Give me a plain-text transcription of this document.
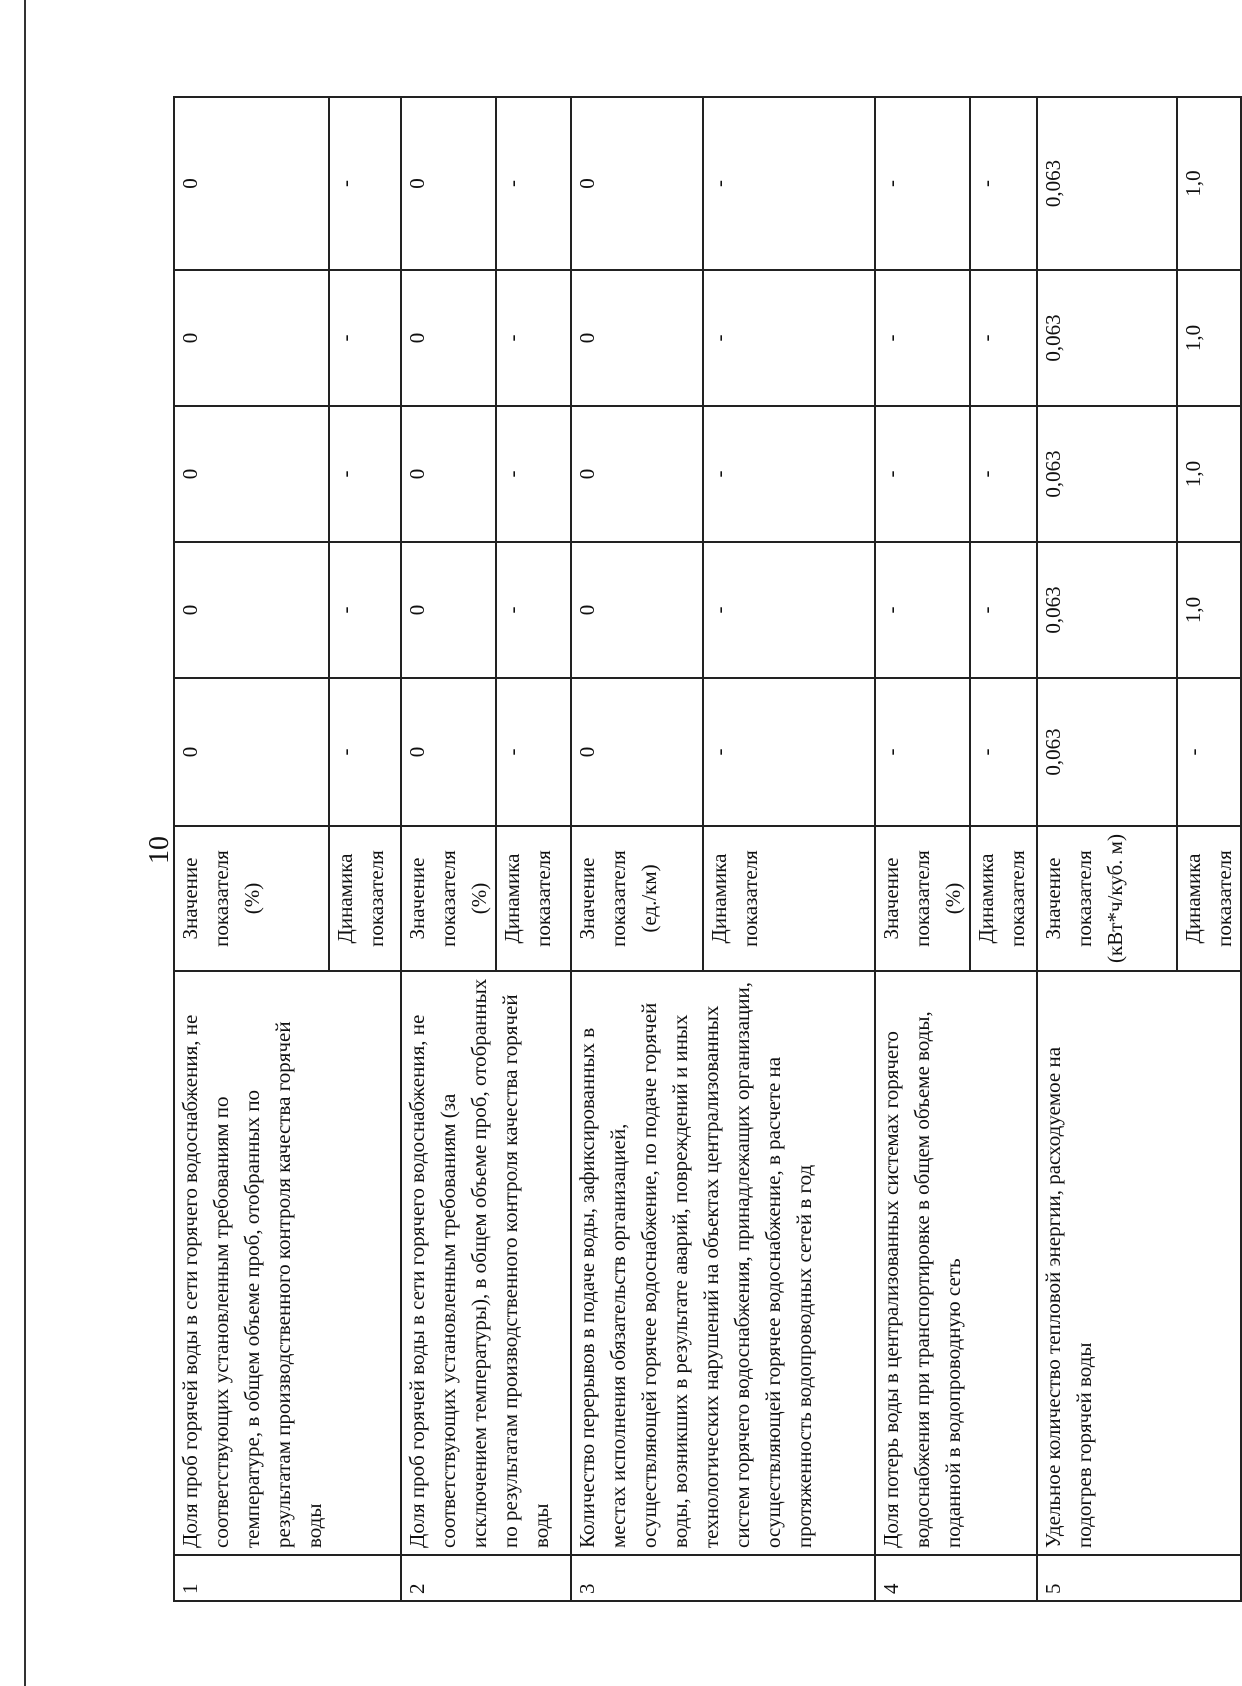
10
1	Доля проб горячей воды в сети горячего водоснабжения, не соответствующих установленным требованиям по температуре, в общем объеме проб, отобранных по результатам производственного контроля качества горячей воды	Значение показателя (%)	0	0	0	0	0
		Динамика показателя	-	-	-	-	-
2	Доля проб горячей воды в сети горячего водоснабжения, не соответствующих установленным требованиям (за исключением температуры), в общем объеме проб, отобранных по результатам производственного контроля качества горячей воды	Значение показателя (%)	0	0	0	0	0
		Динамика показателя	-	-	-	-	-
3	Количество перерывов в подаче воды, зафиксированных в местах исполнения обязательств организацией, осуществляющей горячее водоснабжение, по подаче горячей воды, возникших в результате аварий, повреждений и иных технологических нарушений на объектах централизованных систем горячего водоснабжения, принадлежащих организации, осуществляющей горячее водоснабжение, в расчете на протяженность водопроводных сетей в год	Значение показателя (ед./км)	0	0	0	0	0
		Динамика показателя	-	-	-	-	-
4	Доля потерь воды в централизованных системах горячего водоснабжения при транспортировке в общем объеме воды, поданной в водопроводную сеть	Значение показателя (%)	-	-	-	-	-
		Динамика показателя	-	-	-	-	-
5	Удельное количество тепловой энергии, расходуемое на подогрев горячей воды	Значение показателя (кВт*ч/куб. м)	0,063	0,063	0,063	0,063	0,063
		Динамика показателя	-	1,0	1,0	1,0	1,0
